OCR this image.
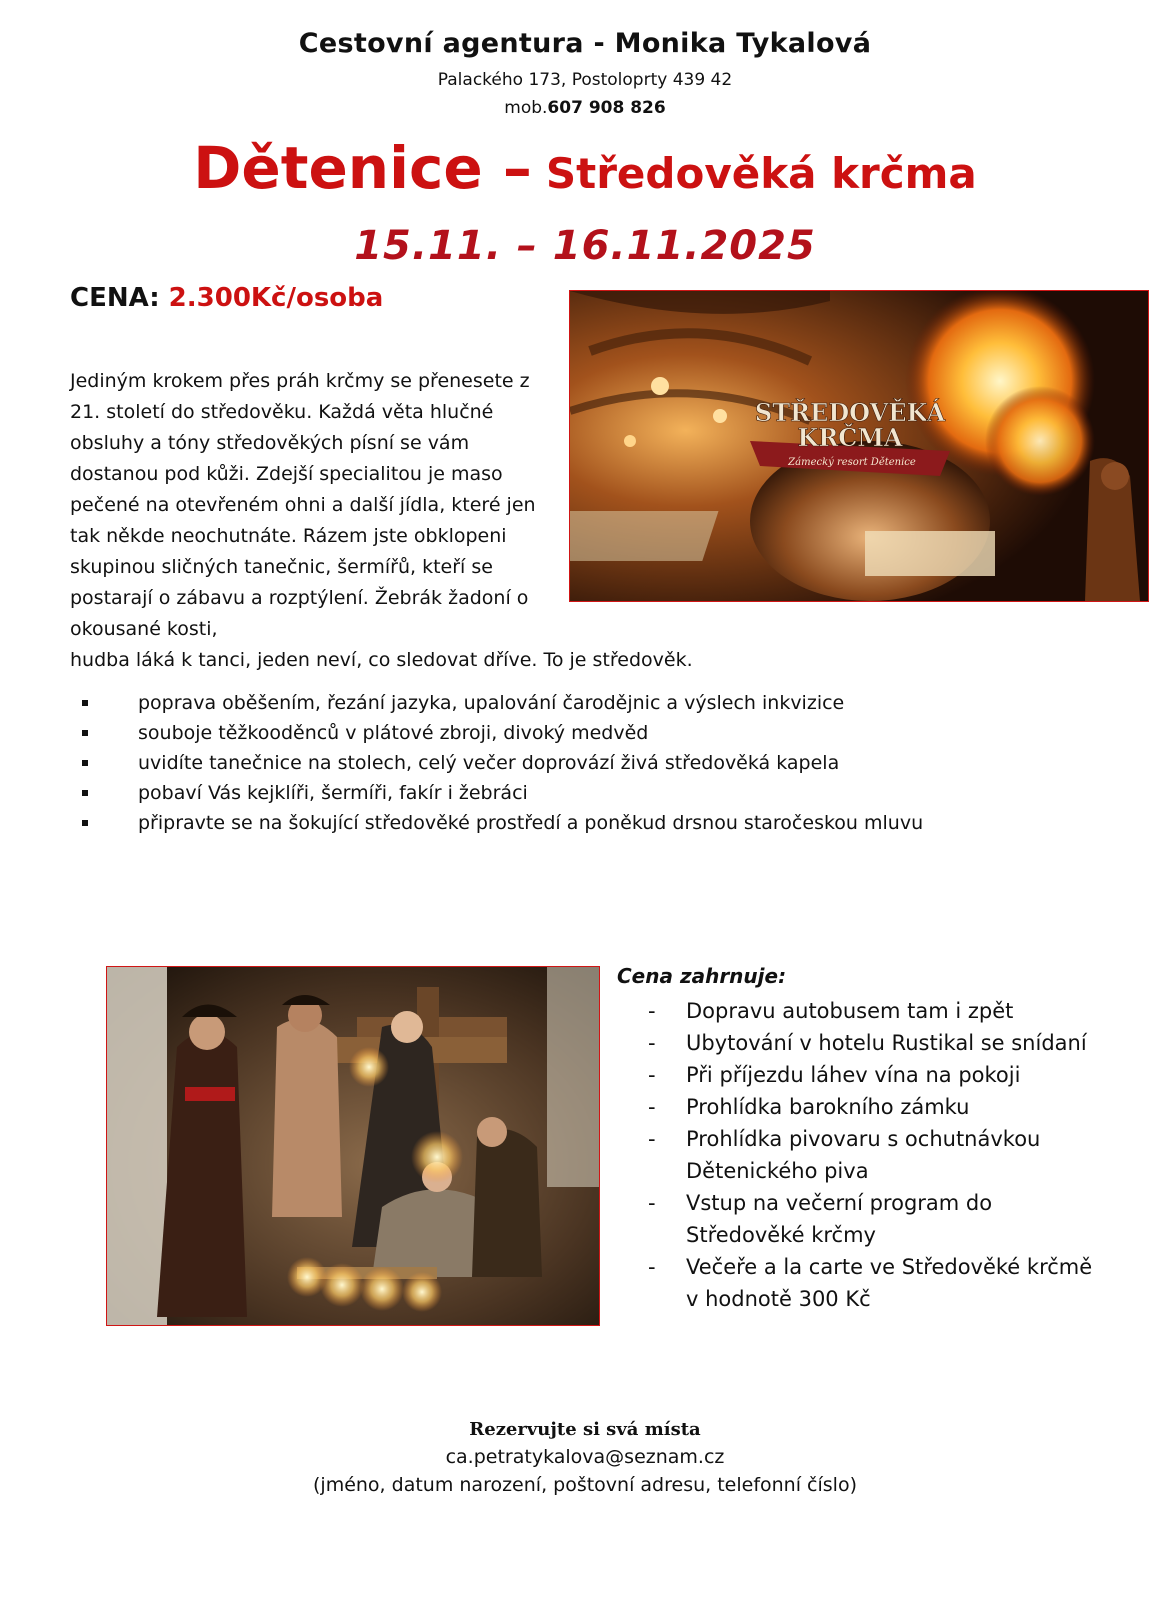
Cestovní agentura - Monika Tykalová
Palackého 173, Postoloprty 439 42
mob.607 908 826
Dětenice – Středověká krčma
15.11. – 16.11.2025
CENA: 2.300Kč/osoba

Jediným krokem přes práh krčmy se přenesete z 21. století do středověku. Každá věta hlučné obsluhy a tóny středověkých písní se vám dostanou pod kůži. Zdejší specialitou je maso pečené na otevřeném ohni a další jídla, které jen tak někde neochutnáte. Rázem jste obklopeni skupinou sličných tanečnic, šermířů, kteří se postarají o zábavu a rozptýlení. Žebrák žadoní o okousané kosti,

hudba láká k tanci, jeden neví, co sledovat dříve. To je středověk.

STŘEDOVĚKÁ
KRČMA
Zámecký resort Dětenice
poprava oběšením, řezání jazyka, upalování čarodějnic a výslech inkvizice
souboje těžkooděnců v plátové zbroji, divoký medvěd
uvidíte tanečnice na stolech, celý večer doprovází živá středověká kapela
pobaví Vás kejklíři, šermíři, fakír i žebráci
připravte se na šokující středověké prostředí a poněkud drsnou staročeskou mluvu
Cena zahrnuje:
- Dopravu autobusem tam i zpět
- Ubytování v hotelu Rustikal se snídaní
- Při příjezdu láhev vína na pokoji
- Prohlídka barokního zámku
- Prohlídka pivovaru s ochutnávkou Dětenického piva
- Vstup na večerní program do Středověké krčmy
- Večeře a la carte ve Středověké krčmě v hodnotě 300 Kč
Rezervujte si svá místa
ca.petratykalova@seznam.cz
(jméno, datum narození, poštovní adresu, telefonní číslo)
